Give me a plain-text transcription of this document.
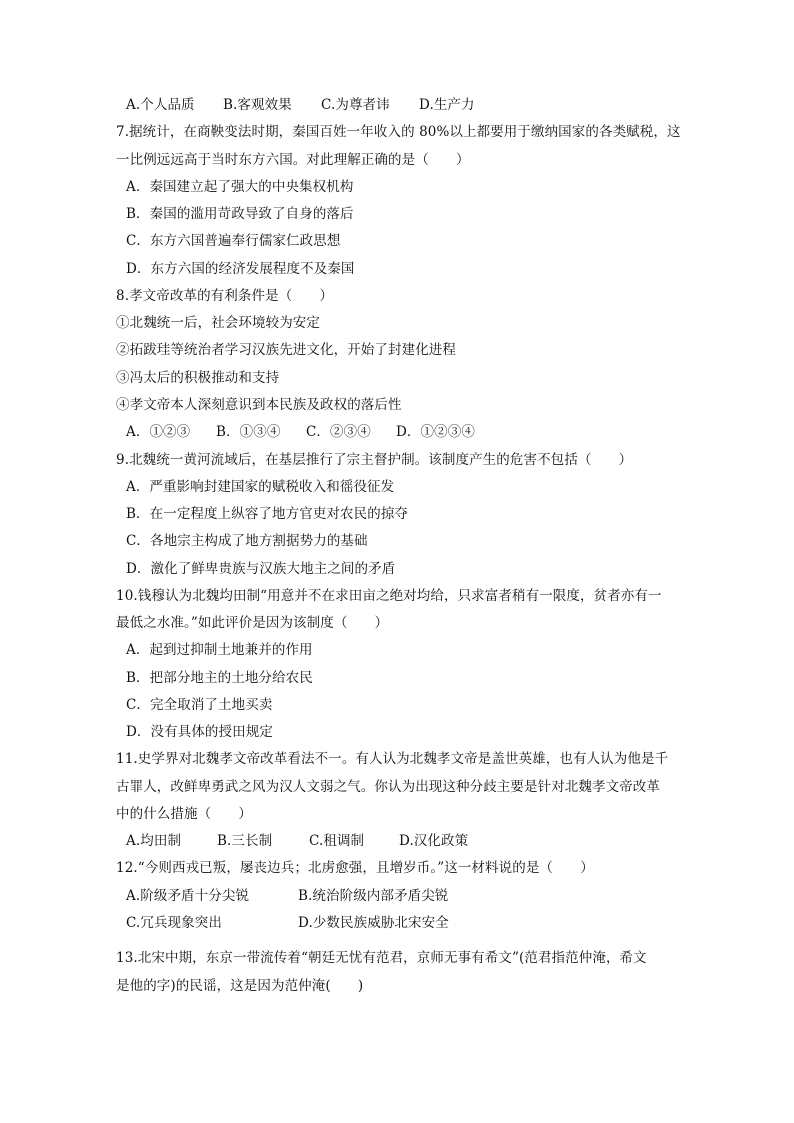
A.个人品质 B.客观效果 C.为尊者讳 D.生产力
7.据统计，在商鞅变法时期，秦国百姓一年收入的 80%以上都要用于缴纳国家的各类赋税，这
一比例远远高于当时东方六国。对此理解正确的是（　　）
A．秦国建立起了强大的中央集权机构
B．秦国的滥用苛政导致了自身的落后
C．东方六国普遍奉行儒家仁政思想
D．东方六国的经济发展程度不及秦国
8.孝文帝改革的有利条件是（　　）
①北魏统一后，社会环境较为安定
②拓跋珪等统治者学习汉族先进文化，开始了封建化进程
③冯太后的积极推动和支持
④孝文帝本人深刻意识到本民族及政权的落后性
A．①②③ B．①③④ C．②③④ D．①②③④
9.北魏统一黄河流域后，在基层推行了宗主督护制。该制度产生的危害不包括（　　）
A．严重影响封建国家的赋税收入和徭役征发
B．在一定程度上纵容了地方官吏对农民的掠夺
C．各地宗主构成了地方割据势力的基础
D．激化了鲜卑贵族与汉族大地主之间的矛盾
10.钱穆认为北魏均田制“用意并不在求田亩之绝对均给，只求富者稍有一限度，贫者亦有一
最低之水准。”如此评价是因为该制度（　　）
A．起到过抑制土地兼并的作用
B．把部分地主的土地分给农民
C．完全取消了土地买卖
D．没有具体的授田规定
11.史学界对北魏孝文帝改革看法不一。有人认为北魏孝文帝是盖世英雄，也有人认为他是千
古罪人，改鲜卑勇武之风为汉人文弱之气。你认为出现这种分歧主要是针对北魏孝文帝改革
中的什么措施（　　）
A.均田制	B.三长制	C.租调制	D.汉化政策
12.“今则西戎已叛，屡丧边兵；北虏愈强，且增岁币。”这一材料说的是（　　）
A.阶级矛盾十分尖锐	B.统治阶级内部矛盾尖锐
C.冗兵现象突出	D.少数民族威胁北宋安全
13.北宋中期，东京一带流传着“朝廷无忧有范君，京师无事有希文”(范君指范仲淹，希文
是他的字)的民谣，这是因为范仲淹(　　)
